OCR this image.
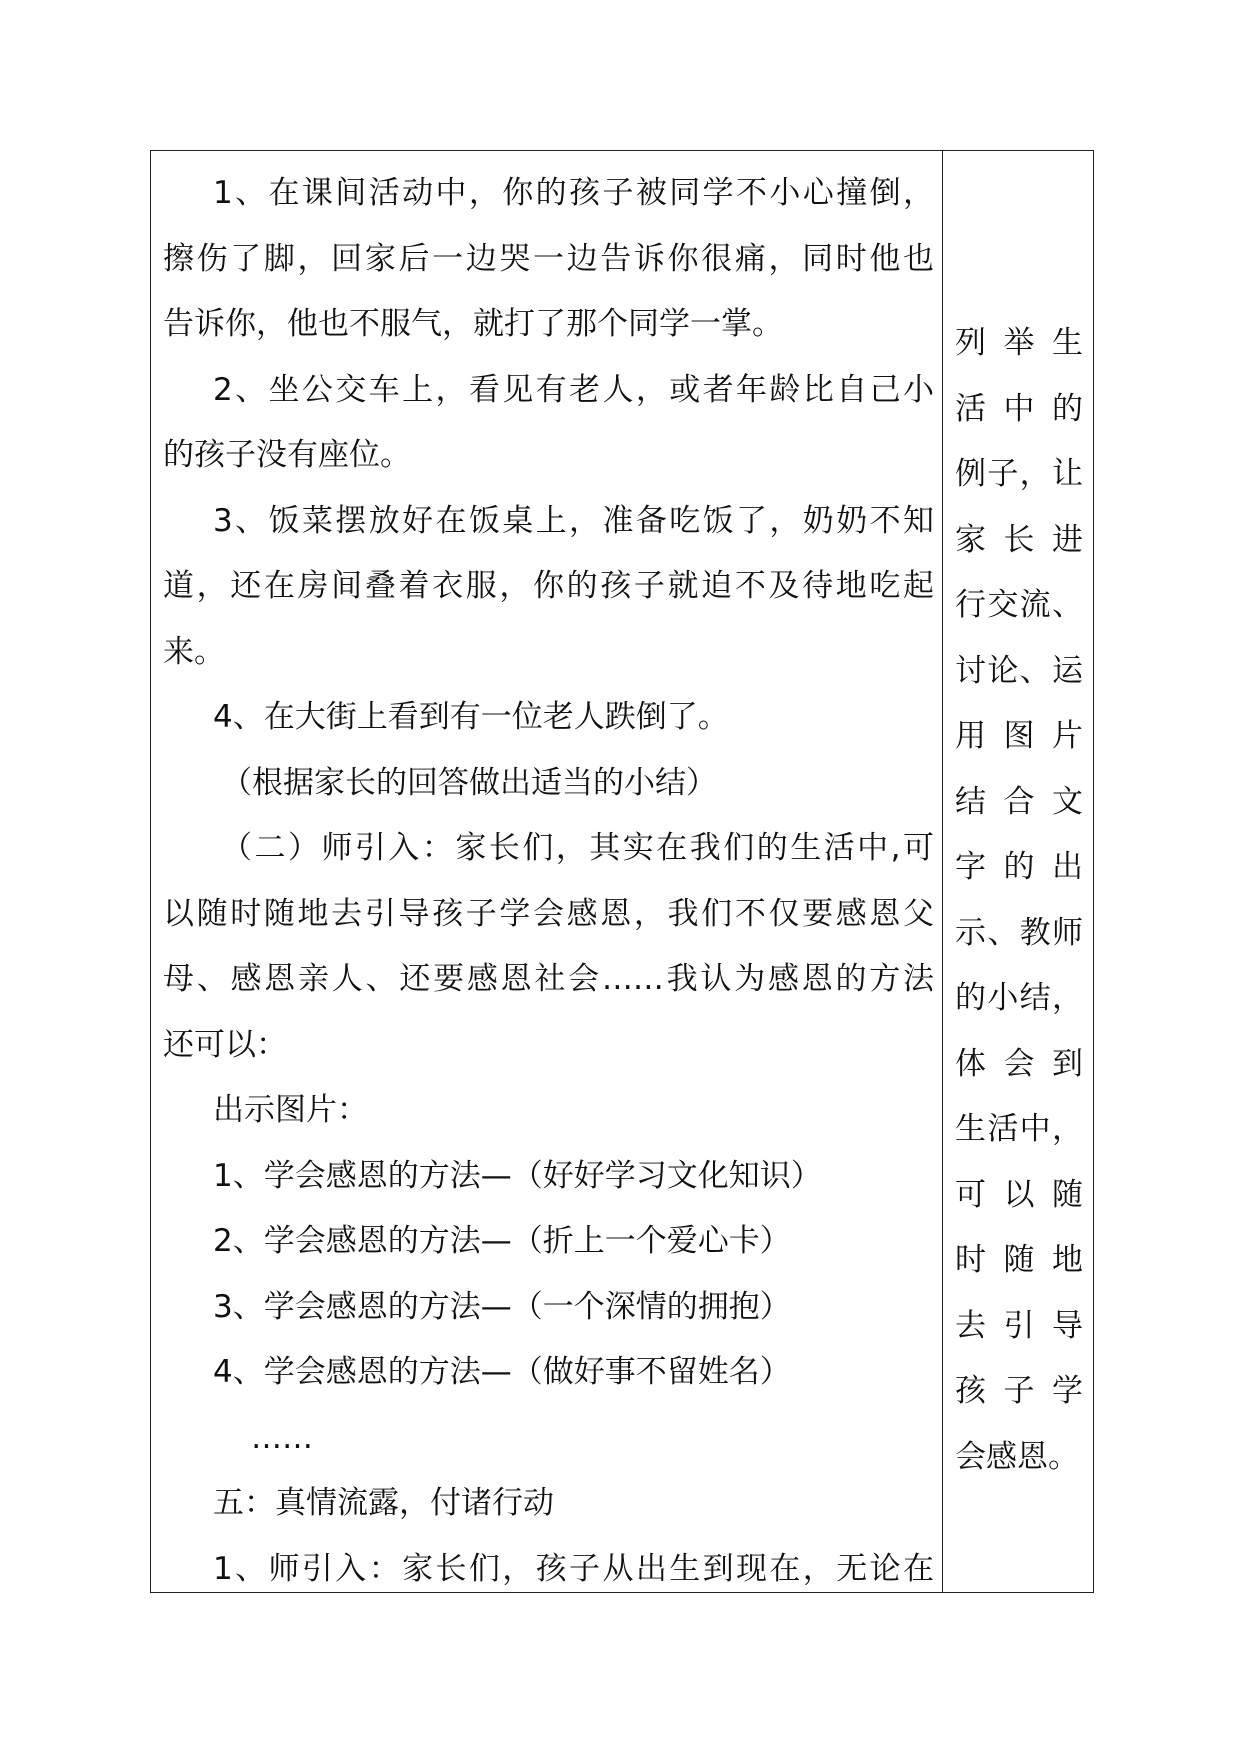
1、在课间活动中，你的孩子被同学不小心撞倒，
擦伤了脚，回家后一边哭一边告诉你很痛，同时他也
告诉你，他也不服气，就打了那个同学一掌。
2、坐公交车上，看见有老人，或者年龄比自己小
的孩子没有座位。
3、饭菜摆放好在饭桌上，准备吃饭了，奶奶不知
道，还在房间叠着衣服，你的孩子就迫不及待地吃起
来。
4、在大街上看到有一位老人跌倒了。
（根据家长的回答做出适当的小结）
（二）师引入：家长们，其实在我们的生活中,可
以随时随地去引导孩子学会感恩，我们不仅要感恩父
母、感恩亲人、还要感恩社会……我认为感恩的方法
还可以：
出示图片：
1、学会感恩的方法—（好好学习文化知识）
2、学会感恩的方法—（折上一个爱心卡）
3、学会感恩的方法—（一个深情的拥抱）
4、学会感恩的方法—（做好事不留姓名）
……
五：真情流露，付诸行动
1、师引入：家长们，孩子从出生到现在，无论在
列举生
活中的
例子，让
家长进
行交流、
讨论、运
用图片
结合文
字的出
示、教师
的小结，
体会到
生活中，
可以随
时随地
去引导
孩子学
会感恩。
